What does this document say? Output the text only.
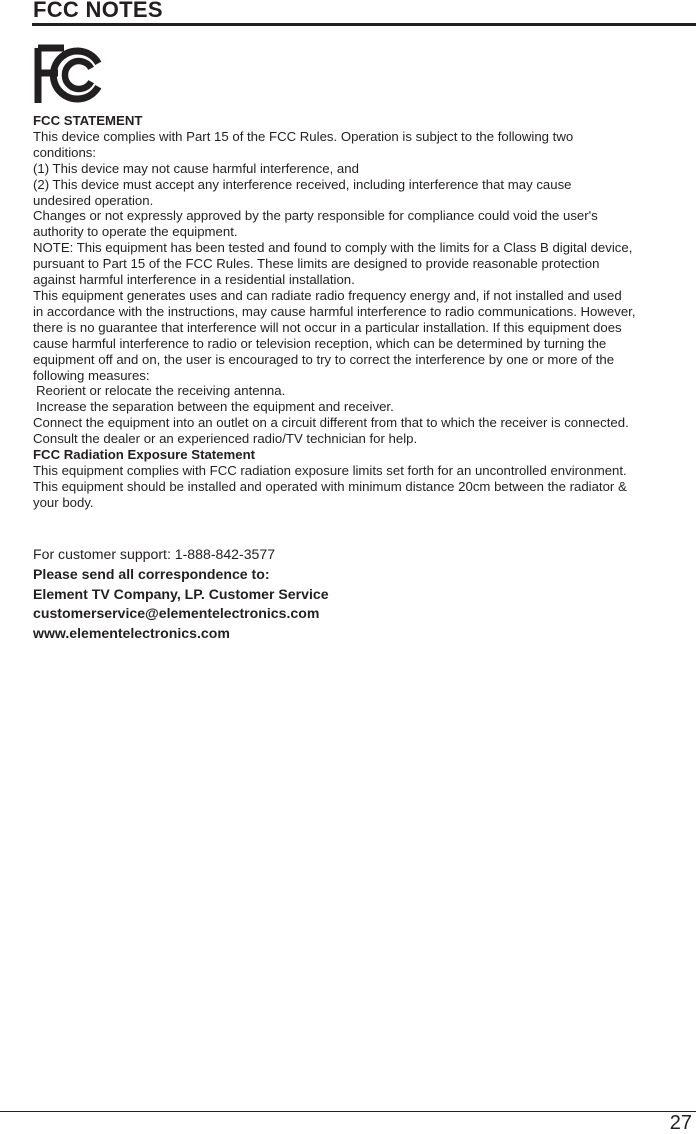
FCC NOTES

FCC STATEMENT

This device complies with Part 15 of the FCC Rules. Operation is subject to the following two

conditions:

(1) This device may not cause harmful interference, and

(2) This device must accept any interference received, including interference that may cause

undesired operation.

Changes or not expressly approved by the party responsible for compliance could void the user's

authority to operate the equipment.

NOTE: This equipment has been tested and found to comply with the limits for a Class B digital device,

pursuant to Part 15 of the FCC Rules. These limits are designed to provide reasonable protection

against harmful interference in a residential installation.

This equipment generates uses and can radiate radio frequency energy and, if not installed and used

in accordance with the instructions, may cause harmful interference to radio communications. However,

there is no guarantee that interference will not occur in a particular installation. If this equipment does

cause harmful interference to radio or television reception, which can be determined by turning the

equipment off and on, the user is encouraged to try to correct the interference by one or more of the

following measures:

Reorient or relocate the receiving antenna.

Increase the separation between the equipment and receiver.

Connect the equipment into an outlet on a circuit different from that to which the receiver is connected.

Consult the dealer or an experienced radio/TV technician for help.

FCC Radiation Exposure Statement

This equipment complies with FCC radiation exposure limits set forth for an uncontrolled environment.

This equipment should be installed and operated with minimum distance 20cm between the radiator &

your body.

For customer support: 1-888-842-3577

Please send all correspondence to:

Element TV Company, LP. Customer Service

customerservice@elementelectronics.com

www.elementelectronics.com

27
